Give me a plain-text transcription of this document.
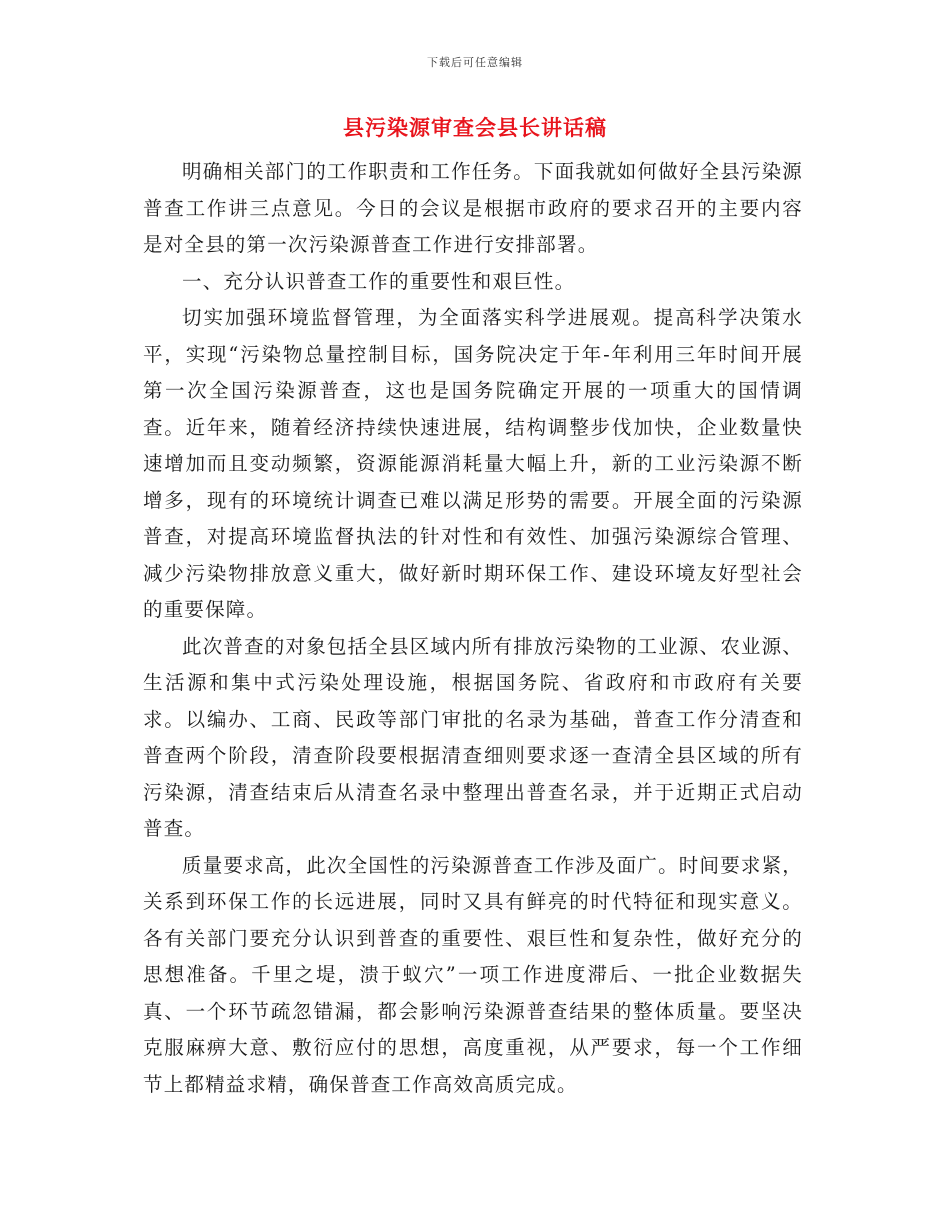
下载后可任意编辑
县污染源审查会县长讲话稿

明确相关部门的工作职责和工作任务。下面我就如何做好全县污染源普查工作讲三点意见。今日的会议是根据市政府的要求召开的主要内容是对全县的第一次污染源普查工作进行安排部署。

一、充分认识普查工作的重要性和艰巨性。

切实加强环境监督管理，为全面落实科学进展观。提高科学决策水平，实现“污染物总量控制目标，国务院决定于年-年利用三年时间开展第一次全国污染源普查，这也是国务院确定开展的一项重大的国情调查。近年来，随着经济持续快速进展，结构调整步伐加快，企业数量快速增加而且变动频繁，资源能源消耗量大幅上升，新的工业污染源不断增多，现有的环境统计调查已难以满足形势的需要。开展全面的污染源普查，对提高环境监督执法的针对性和有效性、加强污染源综合管理、减少污染物排放意义重大，做好新时期环保工作、建设环境友好型社会的重要保障。

此次普查的对象包括全县区域内所有排放污染物的工业源、农业源、生活源和集中式污染处理设施，根据国务院、省政府和市政府有关要求。以编办、工商、民政等部门审批的名录为基础，普查工作分清查和普查两个阶段，清查阶段要根据清查细则要求逐一查清全县区域的所有污染源，清查结束后从清查名录中整理出普查名录，并于近期正式启动普查。

质量要求高，此次全国性的污染源普查工作涉及面广。时间要求紧，关系到环保工作的长远进展，同时又具有鲜亮的时代特征和现实意义。各有关部门要充分认识到普查的重要性、艰巨性和复杂性，做好充分的思想准备。千里之堤，溃于蚁穴”一项工作进度滞后、一批企业数据失真、一个环节疏忽错漏，都会影响污染源普查结果的整体质量。要坚决克服麻痹大意、敷衍应付的思想，高度重视，从严要求，每一个工作细节上都精益求精，确保普查工作高效高质完成。
